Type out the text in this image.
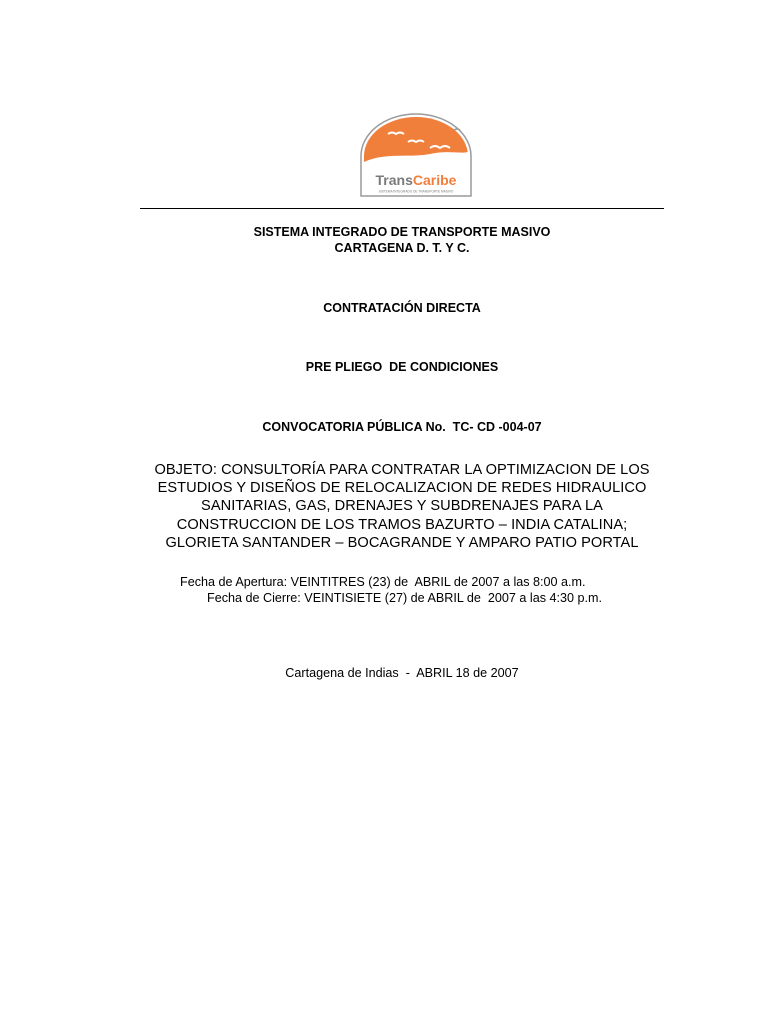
TransCaribe
SISTEMA INTEGRADO DE TRANSPORTE MASIVO
SISTEMA INTEGRADO DE TRANSPORTE MASIVO
CARTAGENA D. T. Y C.
CONTRATACIÓN DIRECTA
PRE PLIEGO  DE CONDICIONES
CONVOCATORIA PÚBLICA No.  TC- CD -004-07
OBJETO: CONSULTORÍA PARA CONTRATAR LA OPTIMIZACION DE LOS
ESTUDIOS Y DISEÑOS DE RELOCALIZACION DE REDES HIDRAULICO
SANITARIAS, GAS, DRENAJES Y SUBDRENAJES PARA LA
CONSTRUCCION DE LOS TRAMOS BAZURTO – INDIA CATALINA;
GLORIETA SANTANDER – BOCAGRANDE Y AMPARO PATIO PORTAL
Fecha de Apertura: VEINTITRES (23) de  ABRIL de 2007 a las 8:00 a.m.
Fecha de Cierre: VEINTISIETE (27) de ABRIL de  2007 a las 4:30 p.m.
Cartagena de Indias  -  ABRIL 18 de 2007
